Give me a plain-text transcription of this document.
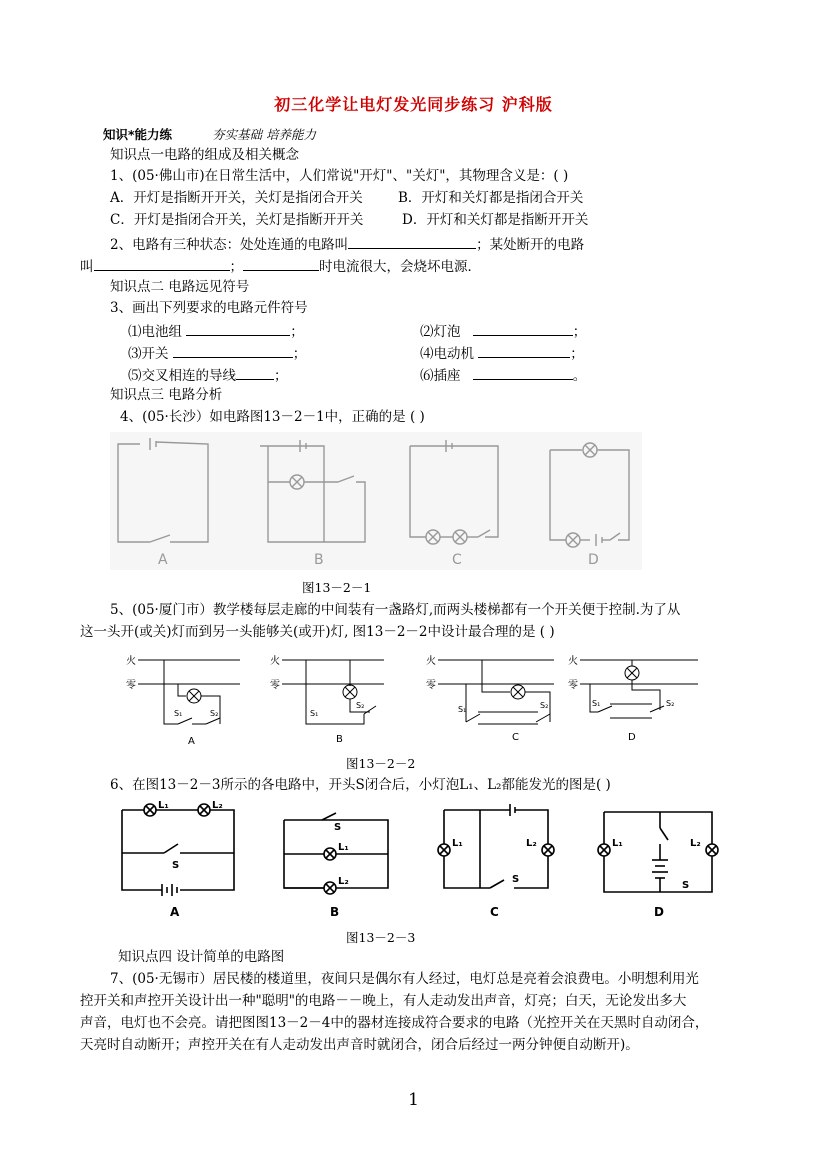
初三化学让电灯发光同步练习 沪科版
知识*能力练	夯实基础 培养能力
知识点一电路的组成及相关概念
1、(05·佛山市)在日常生活中，人们常说"开灯"、"关灯"，其物理含义是：( )
A．开灯是指断开开关，关灯是指闭合开关	B．开灯和关灯都是指闭合开关
C．开灯是指闭合开关，关灯是指断开开关	D．开灯和关灯都是指断开开关
2、电路有三种状态：处处连通的电路叫	；某处断开的电路
叫	；	时电流很大，会烧坏电源．
知识点二 电路远见符号
3、画出下列要求的电路元件符号
⑴电池组	；	⑵灯泡	；
⑶开关	；	⑷电动机	；
⑸交叉相连的导线	；	⑹插座	。
知识点三 电路分析
4、(05·长沙）如电路图13－2－1中，正确的是 ( )
A	B	C	D
图13－2－1
5、(05·厦门市）教学楼每层走廊的中间装有一盏路灯,而两头楼梯都有一个开关便于控制.为了从
这一头开(或关)灯而到另一头能够关(或开)灯, 图13－2－2中设计最合理的是 ( )
火
零
火
零
火
零
火
零
S₁	S₂	S₁
S₂	S₁	S₂	S₁	S₂
A	B	C	D
图13－2－2
6、在图13－2－3所示的各电路中，开头S闭合后，小灯泡L₁、L₂都能发光的图是( )
L₁	L₂
S
S
L₁
L₂
L₁	L₂
S
L₁	L₂
S
A	B	C	D
图13－2－3
知识点四 设计简单的电路图
7、(05·无锡市）居民楼的楼道里，夜间只是偶尔有人经过，电灯总是亮着会浪费电。小明想利用光
控开关和声控开关设计出一种"聪明"的电路－－晚上，有人走动发出声音，灯亮；白天，无论发出多大
声音，电灯也不会亮。请把图图13－2－4中的器材连接成符合要求的电路（光控开关在天黑时自动闭合，
天亮时自动断开；声控开关在有人走动发出声音时就闭合，闭合后经过一两分钟便自动断开)。
1
